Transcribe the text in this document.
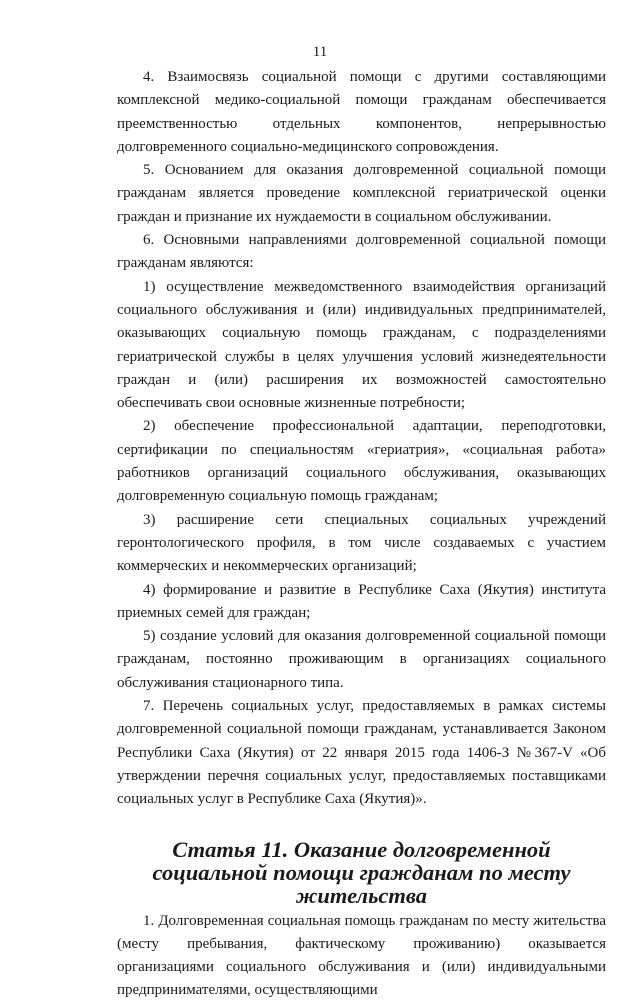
11

4. Взаимосвязь социальной помощи с другими составляющими комплексной медико-социальной помощи гражданам обеспечивается преемственностью отдельных компонентов, непрерывностью долговременного социально-медицинского сопровождения.

5. Основанием для оказания долговременной социальной помощи гражданам является проведение комплексной гериатрической оценки граждан и признание их нуждаемости в социальном обслуживании.

6. Основными направлениями долговременной социальной помощи гражданам являются:

1) осуществление межведомственного взаимодействия организаций социального обслуживания и (или) индивидуальных предпринимателей, оказывающих социальную помощь гражданам, с подразделениями гериатрической службы в целях улучшения условий жизнедеятельности граждан и (или) расширения их возможностей самостоятельно обеспечивать свои основные жизненные потребности;

2) обеспечение профессиональной адаптации, переподготовки, сертификации по специальностям «гериатрия», «социальная работа» работников организаций социального обслуживания, оказывающих долговременную социальную помощь гражданам;

3) расширение сети специальных социальных учреждений геронтологического профиля, в том числе создаваемых с участием коммерческих и некоммерческих организаций;

4) формирование и развитие в Республике Саха (Якутия) института приемных семей для граждан;

5) создание условий для оказания долговременной социальной помощи гражданам, постоянно проживающим в организациях социального обслуживания стационарного типа.

7. Перечень социальных услуг, предоставляемых в рамках системы долговременной социальной помощи гражданам, устанавливается Законом Республики Саха (Якутия) от 22 января 2015 года 1406-З №367-V «Об утверждении перечня социальных услуг, предоставляемых поставщиками социальных услуг в Республике Саха (Якутия)».

Статья 11. Оказание долговременной социальной помощи гражданам по месту жительства

1. Долговременная социальная помощь гражданам по месту жительства (месту пребывания, фактическому проживанию) оказывается организациями социального обслуживания и (или) индивидуальными предпринимателями, осуществляющими
